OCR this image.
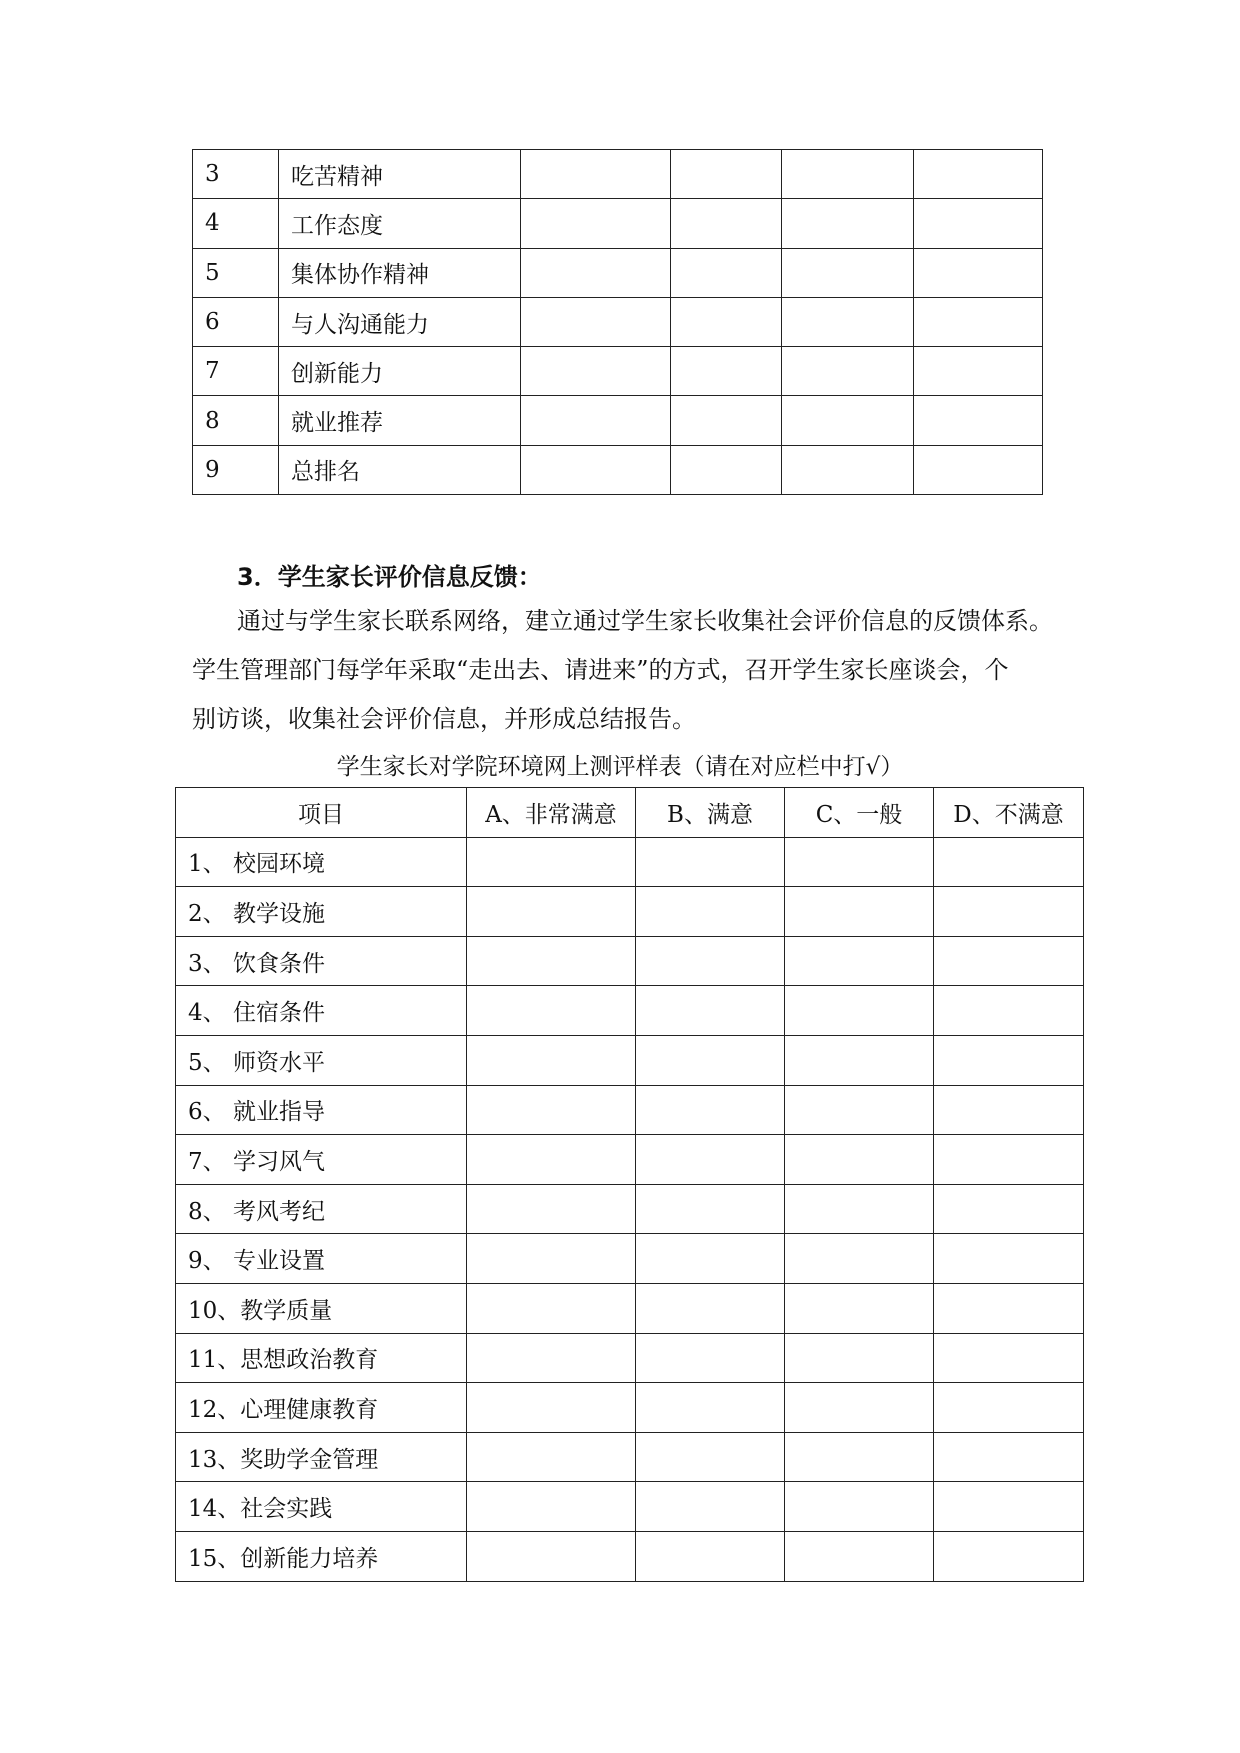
3	吃苦精神				
4	工作态度				
5	集体协作精神				
6	与人沟通能力				
7	创新能力				
8	就业推荐				
9	总排名				
3．学生家长评价信息反馈：
通过与学生家长联系网络，建立通过学生家长收集社会评价信息的反馈体系。
学生管理部门每学年采取“走出去、请进来”的方式，召开学生家长座谈会，个
别访谈，收集社会评价信息，并形成总结报告。
学生家长对学院环境网上测评样表（请在对应栏中打√）
项目	A、非常满意	B、满意	C、一般	D、不满意
1、 校园环境				
2、 教学设施				
3、 饮食条件				
4、 住宿条件				
5、 师资水平				
6、 就业指导				
7、 学习风气				
8、 考风考纪				
9、 专业设置				
10、教学质量				
11、思想政治教育				
12、心理健康教育				
13、奖助学金管理				
14、社会实践				
15、创新能力培养				
